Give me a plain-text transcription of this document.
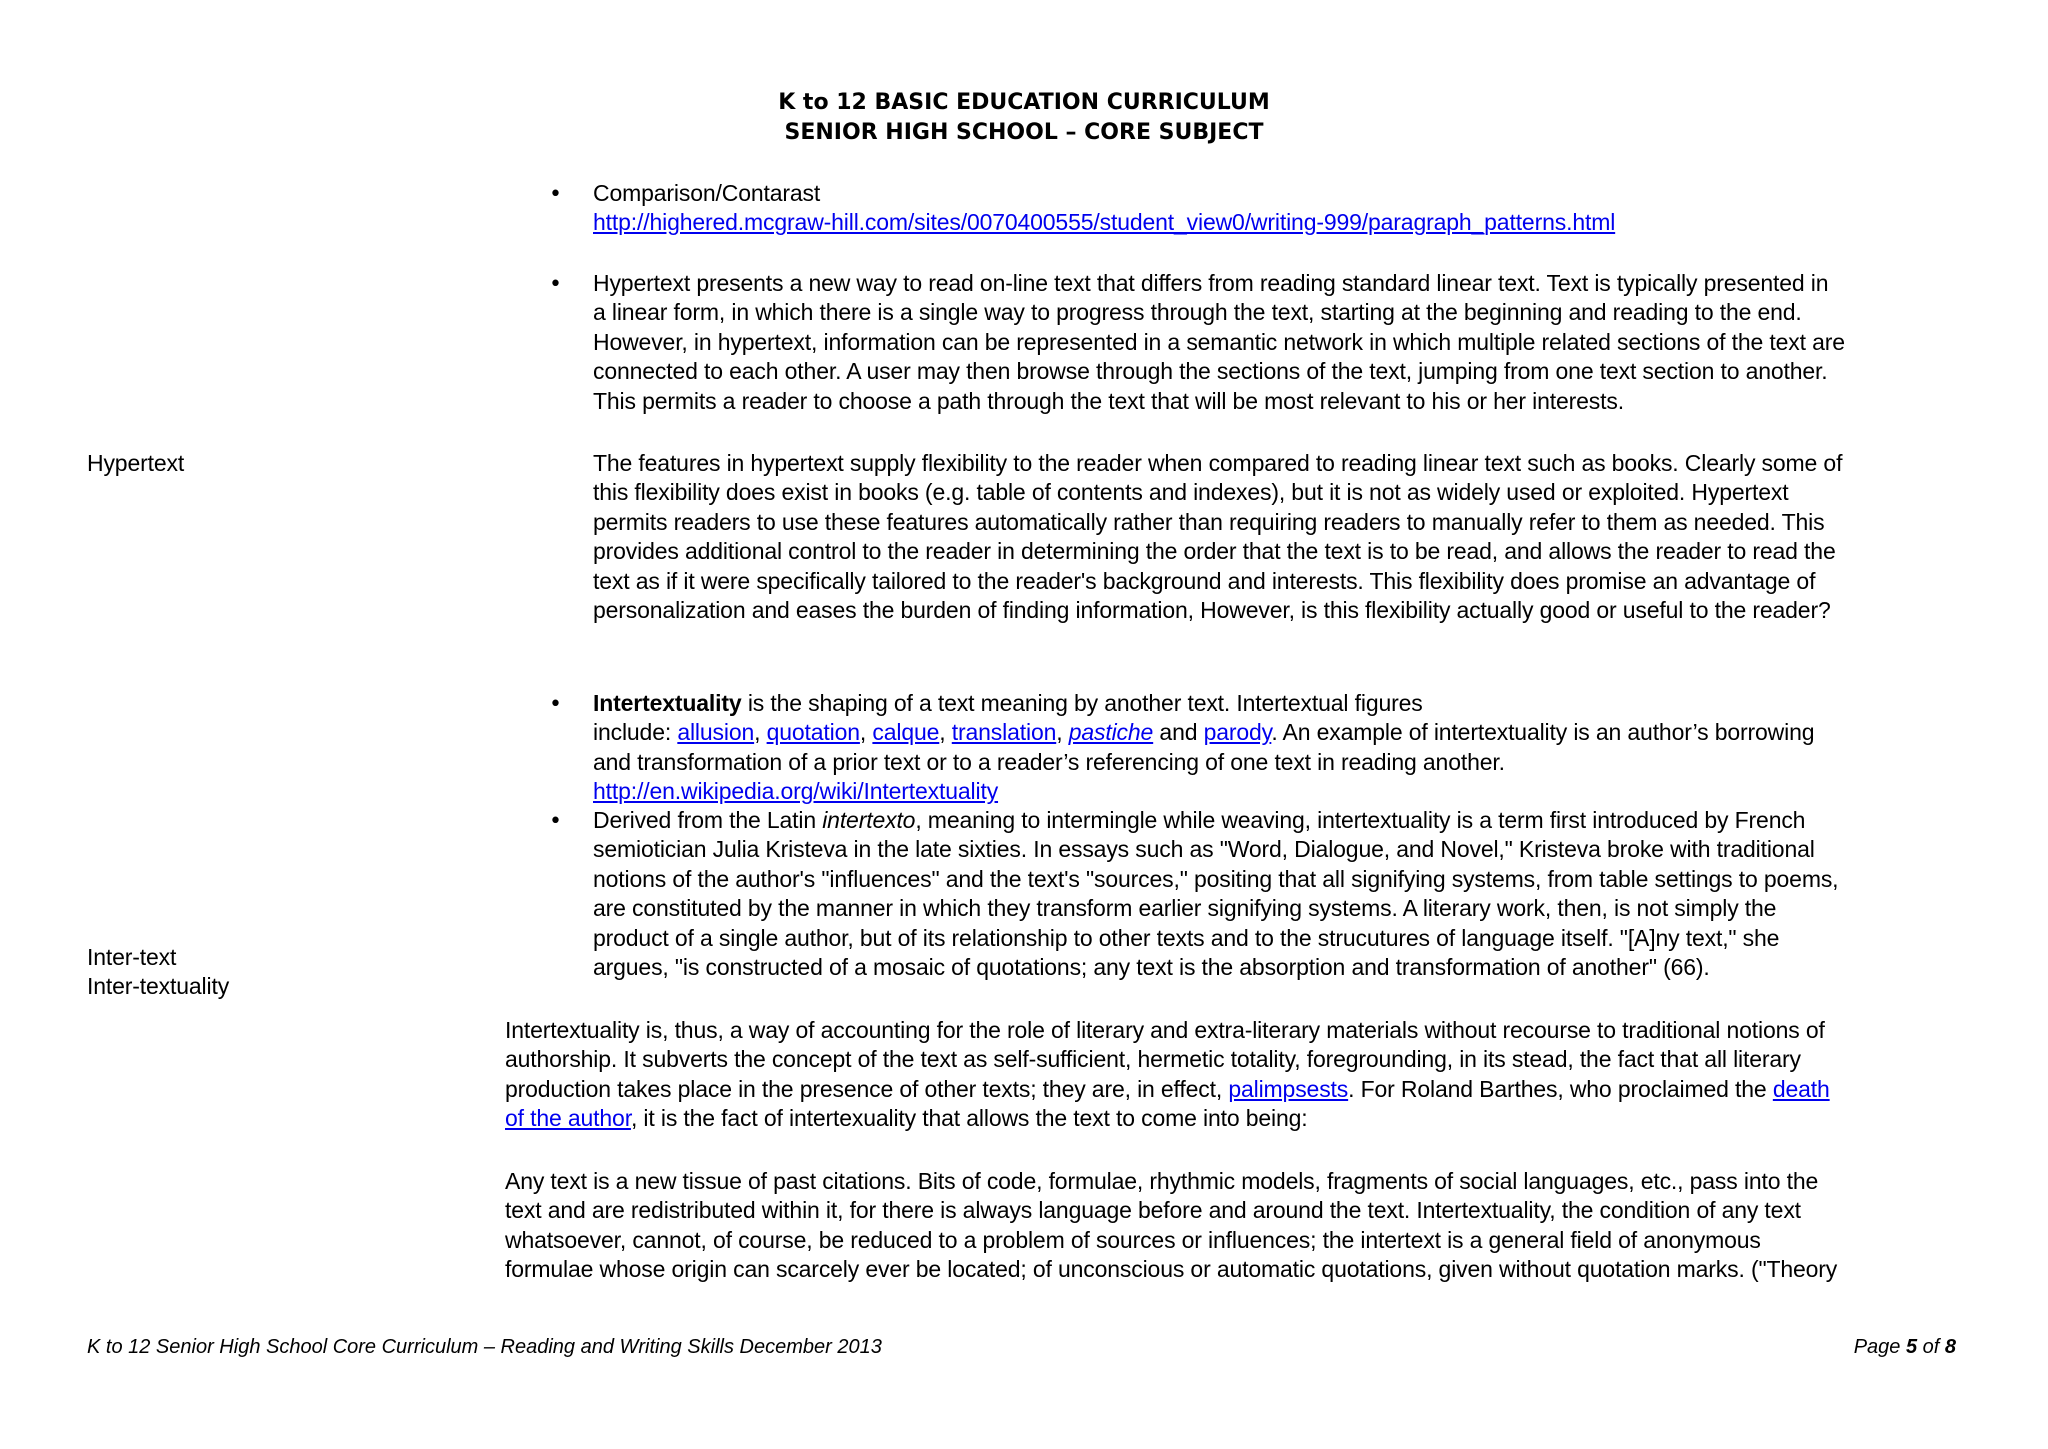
K to 12 BASIC EDUCATION CURRICULUM
SENIOR HIGH SCHOOL – CORE SUBJECT
Hypertext
Inter-text
Inter-textuality
• Comparison/Contarast
http://highered.mcgraw-hill.com/sites/0070400555/student_view0/writing-999/paragraph_patterns.html
• Hypertext presents a new way to read on-line text that differs from reading standard linear text. Text is typically presented in
a linear form, in which there is a single way to progress through the text, starting at the beginning and reading to the end.
However, in hypertext, information can be represented in a semantic network in which multiple related sections of the text are
connected to each other. A user may then browse through the sections of the text, jumping from one text section to another.
This permits a reader to choose a path through the text that will be most relevant to his or her interests.
The features in hypertext supply flexibility to the reader when compared to reading linear text such as books. Clearly some of
this flexibility does exist in books (e.g. table of contents and indexes), but it is not as widely used or exploited. Hypertext
permits readers to use these features automatically rather than requiring readers to manually refer to them as needed. This
provides additional control to the reader in determining the order that the text is to be read, and allows the reader to read the
text as if it were specifically tailored to the reader's background and interests. This flexibility does promise an advantage of
personalization and eases the burden of finding information, However, is this flexibility actually good or useful to the reader?
• Intertextuality is the shaping of a text meaning by another text. Intertextual figures
include: allusion, quotation, calque, translation, pastiche and parody. An example of intertextuality is an author’s borrowing
and transformation of a prior text or to a reader’s referencing of one text in reading another.
http://en.wikipedia.org/wiki/Intertextuality
• Derived from the Latin intertexto, meaning to intermingle while weaving, intertextuality is a term first introduced by French
semiotician Julia Kristeva in the late sixties. In essays such as "Word, Dialogue, and Novel," Kristeva broke with traditional
notions of the author's "influences" and the text's "sources," positing that all signifying systems, from table settings to poems,
are constituted by the manner in which they transform earlier signifying systems. A literary work, then, is not simply the
product of a single author, but of its relationship to other texts and to the strucutures of language itself. "[A]ny text," she
argues, "is constructed of a mosaic of quotations; any text is the absorption and transformation of another" (66).
Intertextuality is, thus, a way of accounting for the role of literary and extra-literary materials without recourse to traditional notions of
authorship. It subverts the concept of the text as self-sufficient, hermetic totality, foregrounding, in its stead, the fact that all literary
production takes place in the presence of other texts; they are, in effect, palimpsests. For Roland Barthes, who proclaimed the death
of the author, it is the fact of intertexuality that allows the text to come into being:
Any text is a new tissue of past citations. Bits of code, formulae, rhythmic models, fragments of social languages, etc., pass into the
text and are redistributed within it, for there is always language before and around the text. Intertextuality, the condition of any text
whatsoever, cannot, of course, be reduced to a problem of sources or influences; the intertext is a general field of anonymous
formulae whose origin can scarcely ever be located; of unconscious or automatic quotations, given without quotation marks. ("Theory
K to 12 Senior High School Core Curriculum – Reading and Writing Skills December 2013	Page 5 of 8
